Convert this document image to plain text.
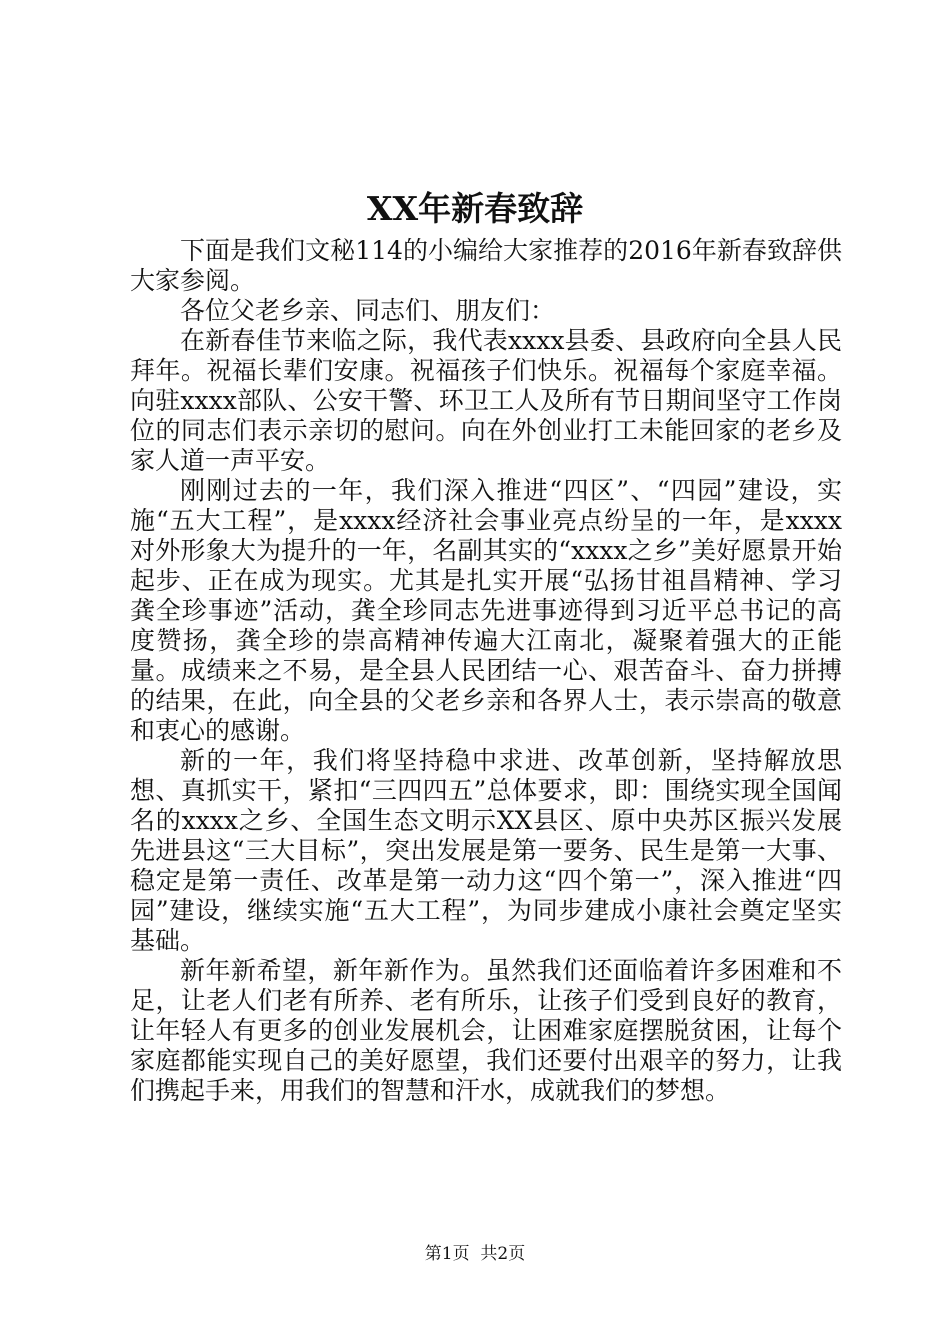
XX年新春致辞

下面是我们文秘114的小编给大家推荐的2016年新春致辞供大家参阅。

各位父老乡亲、同志们、朋友们：

在新春佳节来临之际，我代表xxxx县委、县政府向全县人民拜年。祝福长辈们安康。祝福孩子们快乐。祝福每个家庭幸福。向驻xxxx部队、公安干警、环卫工人及所有节日期间坚守工作岗位的同志们表示亲切的慰问。向在外创业打工未能回家的老乡及家人道一声平安。

刚刚过去的一年，我们深入推进“四区”、“四园”建设，实施“五大工程”，是xxxx经济社会事业亮点纷呈的一年，是xxxx对外形象大为提升的一年，名副其实的“xxxx之乡”美好愿景开始起步、正在成为现实。尤其是扎实开展“弘扬甘祖昌精神、学习龚全珍事迹”活动，龚全珍同志先进事迹得到习近平总书记的高度赞扬，龚全珍的崇高精神传遍大江南北，凝聚着强大的正能量。成绩来之不易，是全县人民团结一心、艰苦奋斗、奋力拼搏的结果，在此，向全县的父老乡亲和各界人士，表示崇高的敬意和衷心的感谢。

新的一年，我们将坚持稳中求进、改革创新，坚持解放思想、真抓实干，紧扣“三四四五”总体要求，即：围绕实现全国闻名的xxxx之乡、全国生态文明示XX县区、原中央苏区振兴发展先进县这“三大目标”，突出发展是第一要务、民生是第一大事、稳定是第一责任、改革是第一动力这“四个第一”，深入推进“四园”建设，继续实施“五大工程”，为同步建成小康社会奠定坚实基础。

新年新希望，新年新作为。虽然我们还面临着许多困难和不足，让老人们老有所养、老有所乐，让孩子们受到良好的教育，让年轻人有更多的创业发展机会，让困难家庭摆脱贫困，让每个家庭都能实现自己的美好愿望，我们还要付出艰辛的努力，让我们携起手来，用我们的智慧和汗水，成就我们的梦想。

第1页 共2页
